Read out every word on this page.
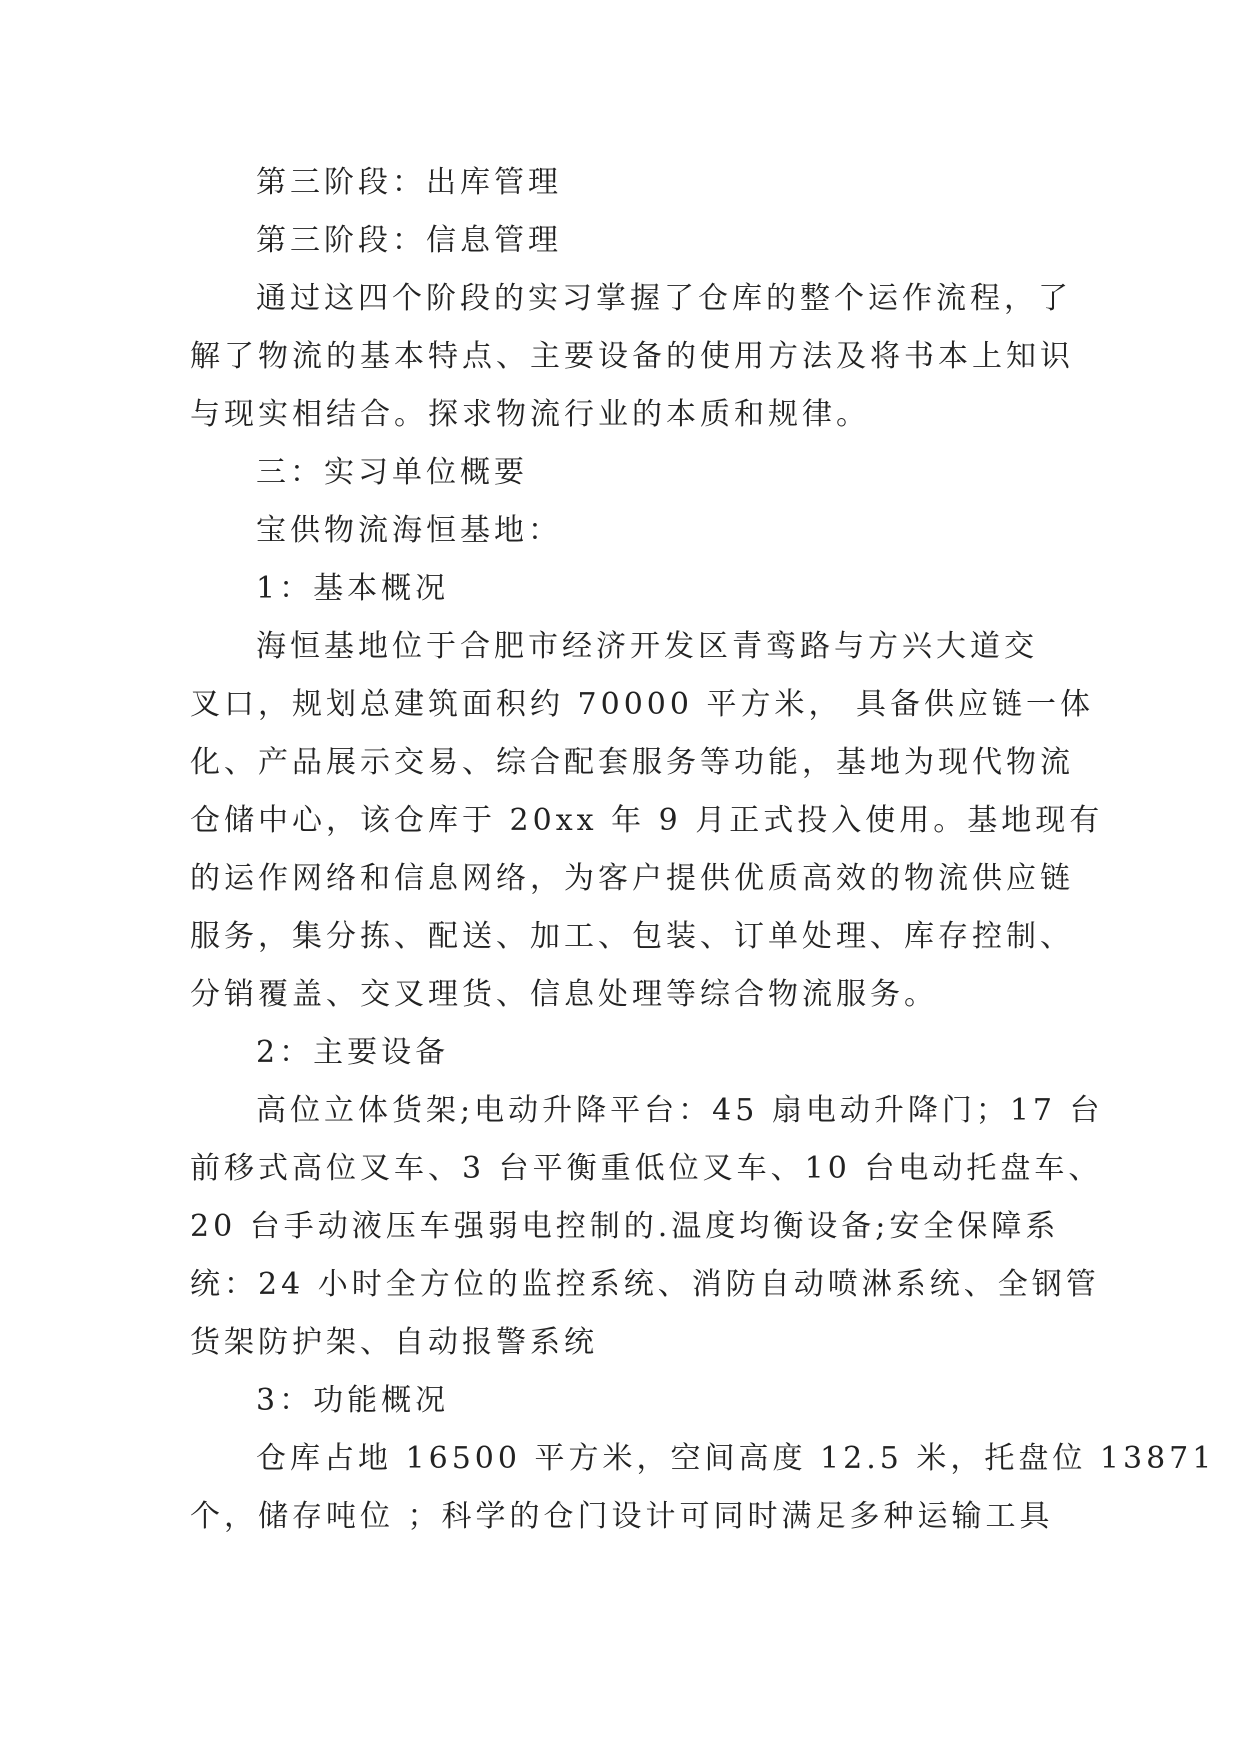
第三阶段：出库管理
第三阶段：信息管理
通过这四个阶段的实习掌握了仓库的整个运作流程，了
解了物流的基本特点、主要设备的使用方法及将书本上知识
与现实相结合。探求物流行业的本质和规律。
三：实习单位概要
宝供物流海恒基地：
1：基本概况
海恒基地位于合肥市经济开发区青鸾路与方兴大道交
叉口，规划总建筑面积约 70000 平方米， 具备供应链一体
化、产品展示交易、综合配套服务等功能，基地为现代物流
仓储中心，该仓库于 20xx 年 9 月正式投入使用。基地现有
的运作网络和信息网络，为客户提供优质高效的物流供应链
服务，集分拣、配送、加工、包装、订单处理、库存控制、
分销覆盖、交叉理货、信息处理等综合物流服务。
2：主要设备
高位立体货架;电动升降平台：45 扇电动升降门；17 台
前移式高位叉车、3 台平衡重低位叉车、10 台电动托盘车、
20 台手动液压车强弱电控制的.温度均衡设备;安全保障系
统：24 小时全方位的监控系统、消防自动喷淋系统、全钢管
货架防护架、自动报警系统
3：功能概况
仓库占地 16500 平方米，空间高度 12.5 米，托盘位 13871
个，储存吨位 ；科学的仓门设计可同时满足多种运输工具
